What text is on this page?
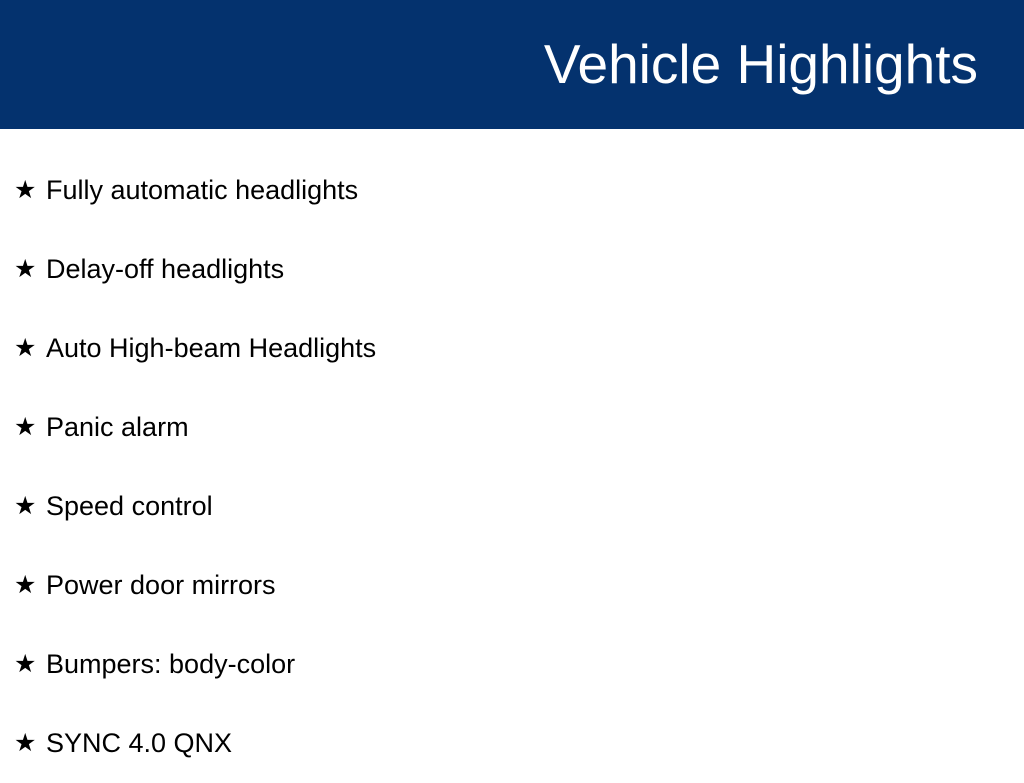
Vehicle Highlights
★ Fully automatic headlights
★ Delay-off headlights
★ Auto High-beam Headlights
★ Panic alarm
★ Speed control
★ Power door mirrors
★ Bumpers: body-color
★ SYNC 4.0 QNX
